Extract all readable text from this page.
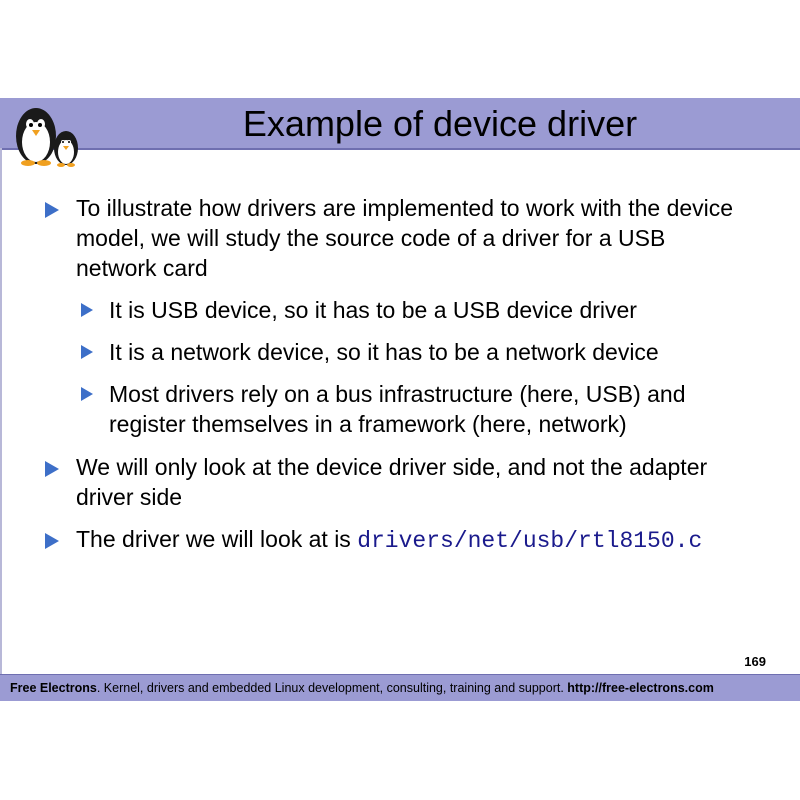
Example of device driver
To illustrate how drivers are implemented to work with the device
model, we will study the source code of a driver for a USB
network card
It is USB device, so it has to be a USB device driver
It is a network device, so it has to be a network device
Most drivers rely on a bus infrastructure (here, USB) and
register themselves in a framework (here, network)
We will only look at the device driver side, and not the adapter
driver side
The driver we will look at is drivers/net/usb/rtl8150.c
169
Free Electrons. Kernel, drivers and embedded Linux development, consulting, training and support. http://free-electrons.com
